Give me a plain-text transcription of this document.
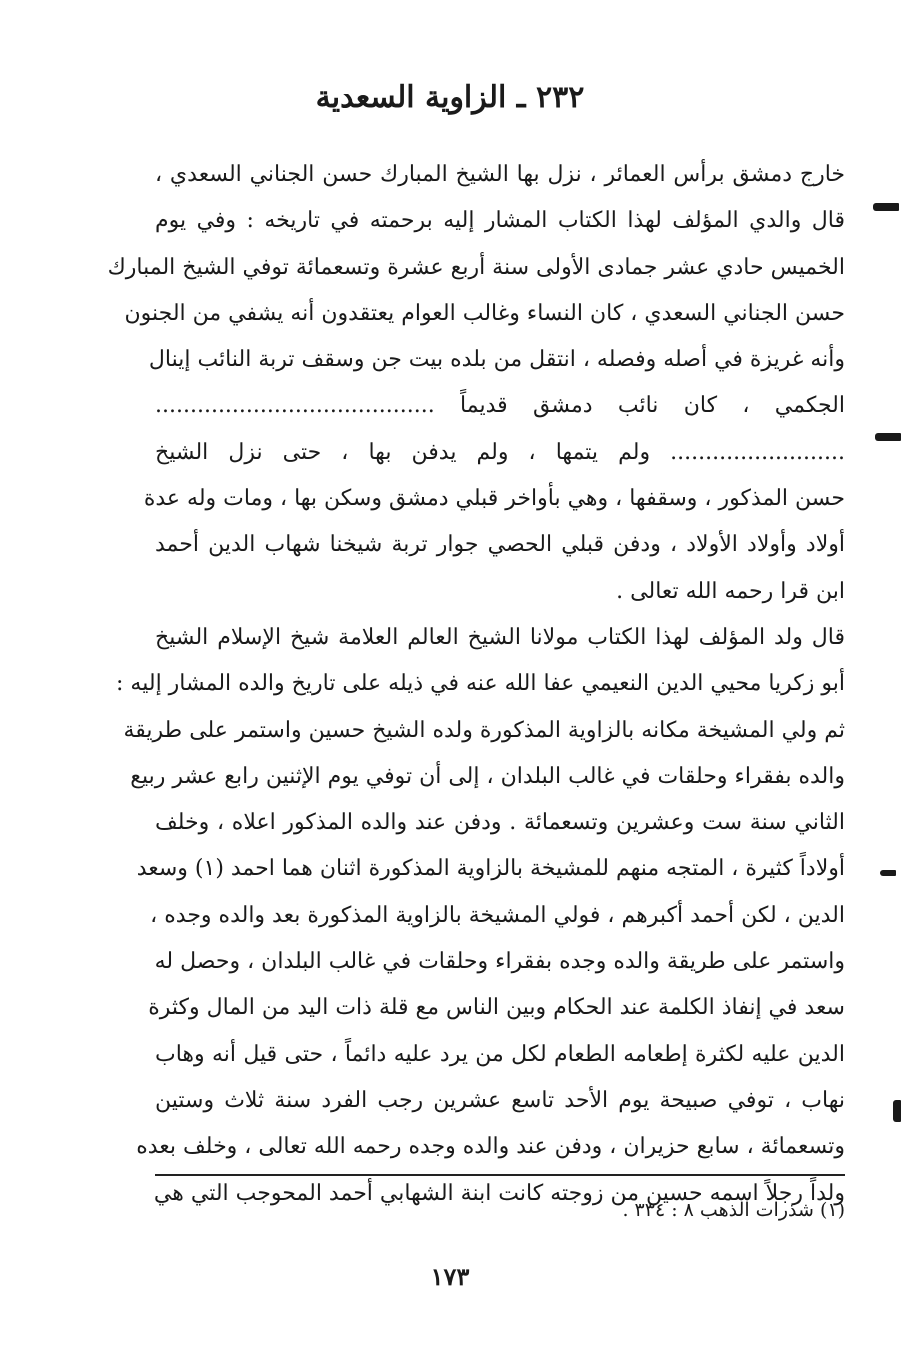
٢٣٢ ـ الزاوية السعدية
خارج دمشق برأس العمائر ، نزل بها الشيخ المبارك حسن الجناني السعدي ،
قال والدي المؤلف لهذا الكتاب المشار إليه برحمته في تاريخه : وفي يوم
الخميس حادي عشر جمادى الأولى سنة أربع عشرة وتسعمائة توفي الشيخ المبارك
حسن الجناني السعدي ، كان النساء وغالب العوام يعتقدون أنه يشفي من الجنون
وأنه غريزة في أصله وفصله ، انتقل من بلده بيت جن وسقف تربة النائب إينال
الجكمي ، كان نائب دمشق قديماً ........................................
......................... ولم يتمها ، ولم يدفن بها ، حتى نزل الشيخ
حسن المذكور ، وسقفها ، وهي بأواخر قبلي دمشق وسكن بها ، ومات وله عدة
أولاد وأولاد الأولاد ، ودفن قبلي الحصي جوار تربة شيخنا شهاب الدين أحمد
ابن قرا رحمه الله تعالى .
قال ولد المؤلف لهذا الكتاب مولانا الشيخ العالم العلامة شيخ الإسلام الشيخ
أبو زكريا محيي الدين النعيمي عفا الله عنه في ذيله على تاريخ والده المشار إليه :
ثم ولي المشيخة مكانه بالزاوية المذكورة ولده الشيخ حسين واستمر على طريقة
والده بفقراء وحلقات في غالب البلدان ، إلى أن توفي يوم الإثنين رابع عشر ربيع
الثاني سنة ست وعشرين وتسعمائة . ودفن عند والده المذكور اعلاه ، وخلف
أولاداً كثيرة ، المتجه منهم للمشيخة بالزاوية المذكورة اثنان هما احمد (١) وسعد
الدين ، لكن أحمد أكبرهم ، فولي المشيخة بالزاوية المذكورة بعد والده وجده ،
واستمر على طريقة والده وجده بفقراء وحلقات في غالب البلدان ، وحصل له
سعد في إنفاذ الكلمة عند الحكام وبين الناس مع قلة ذات اليد من المال وكثرة
الدين عليه لكثرة إطعامه الطعام لكل من يرد عليه دائماً ، حتى قيل أنه وهاب
نهاب ، توفي صبيحة يوم الأحد تاسع عشرين رجب الفرد سنة ثلاث وستين
وتسعمائة ، سابع حزيران ، ودفن عند والده وجده رحمه الله تعالى ، وخلف بعده
ولداً رجلاً اسمه حسين من زوجته كانت ابنة الشهابي أحمد المحوجب التي هي
(١) شذرات الذهب ٨ : ٣٣٤ .
١٧٣
